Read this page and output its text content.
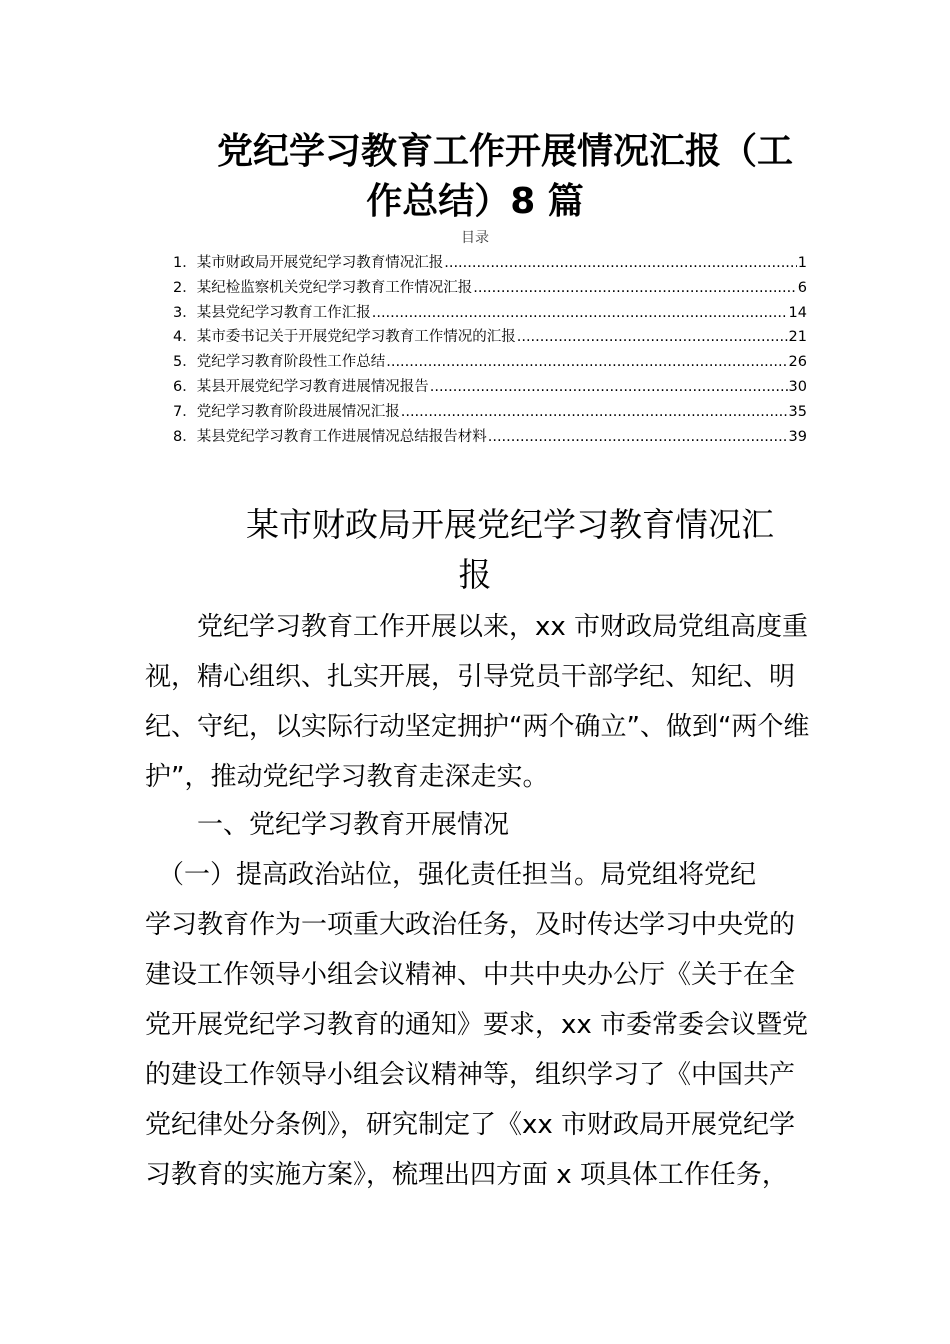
党纪学习教育工作开展情况汇报（工
作总结）8 篇
目录
1． 某市财政局开展党纪学习教育情况汇报 .....	1
2． 某纪检监察机关党纪学习教育工作情况汇报 .....	6
3． 某县党纪学习教育工作汇报 .....	14
4． 某市委书记关于开展党纪学习教育工作情况的汇报 .....	21
5． 党纪学习教育阶段性工作总结 .....	26
6． 某县开展党纪学习教育进展情况报告 .....	30
7． 党纪学习教育阶段进展情况汇报 .....	35
8． 某县党纪学习教育工作进展情况总结报告材料 .....	39
某市财政局开展党纪学习教育情况汇
报
　　党纪学习教育工作开展以来，xx 市财政局党组高度重
视，精心组织、扎实开展，引导党员干部学纪、知纪、明
纪、守纪，以实际行动坚定拥护“两个确立”、做到“两个维
护”，推动党纪学习教育走深走实。
　　一、党纪学习教育开展情况
　（一）提高政治站位，强化责任担当。局党组将党纪
学习教育作为一项重大政治任务，及时传达学习中央党的
建设工作领导小组会议精神、中共中央办公厅《关于在全
党开展党纪学习教育的通知》要求，xx 市委常委会议暨党
的建设工作领导小组会议精神等，组织学习了《中国共产
党纪律处分条例》，研究制定了《xx 市财政局开展党纪学
习教育的实施方案》，梳理出四方面 x 项具体工作任务，
